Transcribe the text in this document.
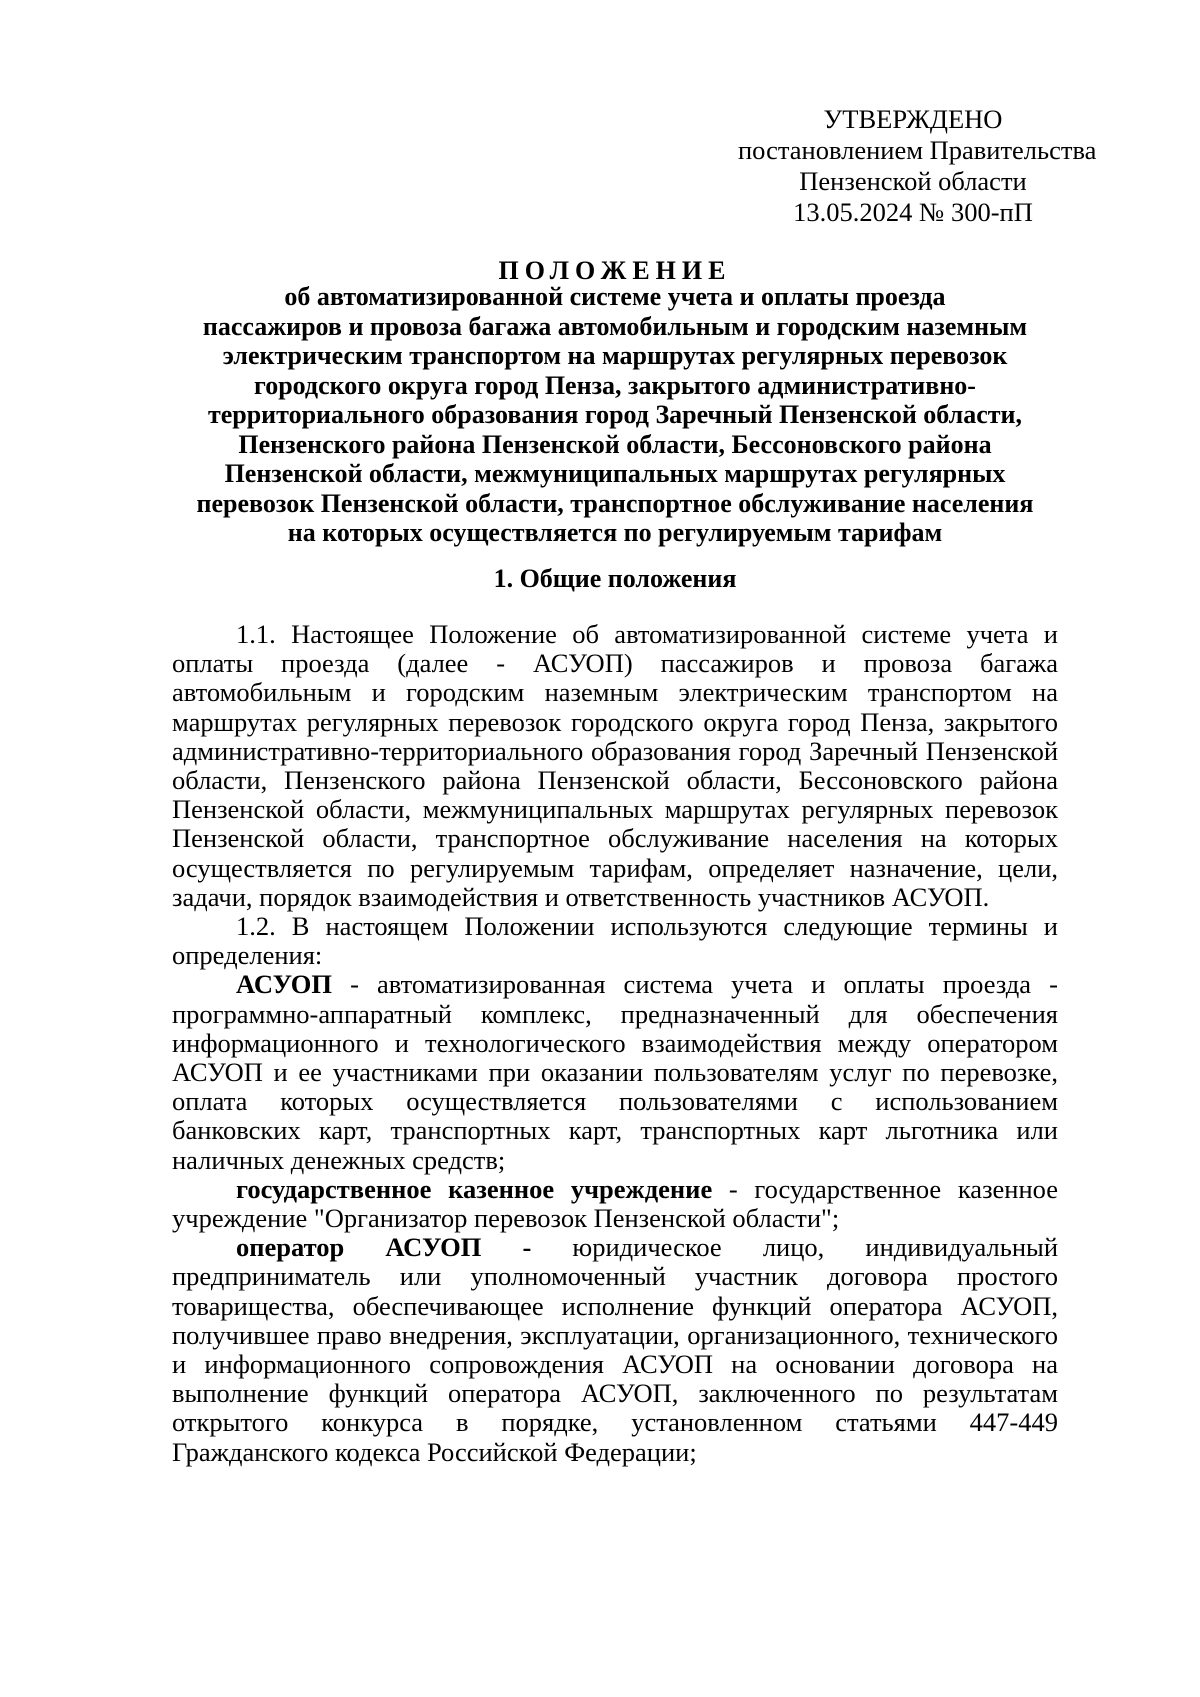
УТВЕРЖДЕНО
постановлением Правительства
Пензенской области
13.05.2024 № 300-пП
ПОЛОЖЕНИЕ
об автоматизированной системе учета и оплаты проезда
пассажиров и провоза багажа автомобильным и городским наземным
электрическим транспортом на маршрутах регулярных перевозок
городского округа город Пенза, закрытого административно-
территориального образования город Заречный Пензенской области,
Пензенского района Пензенской области, Бессоновского района
Пензенской области, межмуниципальных маршрутах регулярных
перевозок Пензенской области, транспортное обслуживание населения
на которых осуществляется по регулируемым тарифам
1. Общие положения

1.1. Настоящее Положение об автоматизированной системе учета и оплаты проезда (далее - АСУОП) пассажиров и провоза багажа автомобильным и городским наземным электрическим транспортом на маршрутах регулярных перевозок городского округа город Пенза, закрытого административно-территориального образования город Заречный Пензенской области, Пензенского района Пензенской области, Бессоновского района Пензенской области, межмуниципальных маршрутах регулярных перевозок Пензенской области, транспортное обслуживание населения на которых осуществляется по регулируемым тарифам, определяет назначение, цели, задачи, порядок взаимодействия и ответственность участников АСУОП.

1.2. В настоящем Положении используются следующие термины и определения:

АСУОП - автоматизированная система учета и оплаты проезда - программно-аппаратный комплекс, предназначенный для обеспечения информационного и технологического взаимодействия между оператором АСУОП и ее участниками при оказании пользователям услуг по перевозке, оплата которых осуществляется пользователями с использованием банковских карт, транспортных карт, транспортных карт льготника или наличных денежных средств;

государственное казенное учреждение - государственное казенное учреждение "Организатор перевозок Пензенской области";

оператор АСУОП - юридическое лицо, индивидуальный предприниматель или уполномоченный участник договора простого товарищества, обеспечивающее исполнение функций оператора АСУОП, получившее право внедрения, эксплуатации, организационного, технического и информационного сопровождения АСУОП на основании договора на выполнение функций оператора АСУОП, заключенного по результатам открытого конкурса в порядке, установленном статьями 447-449 Гражданского кодекса Российской Федерации;
